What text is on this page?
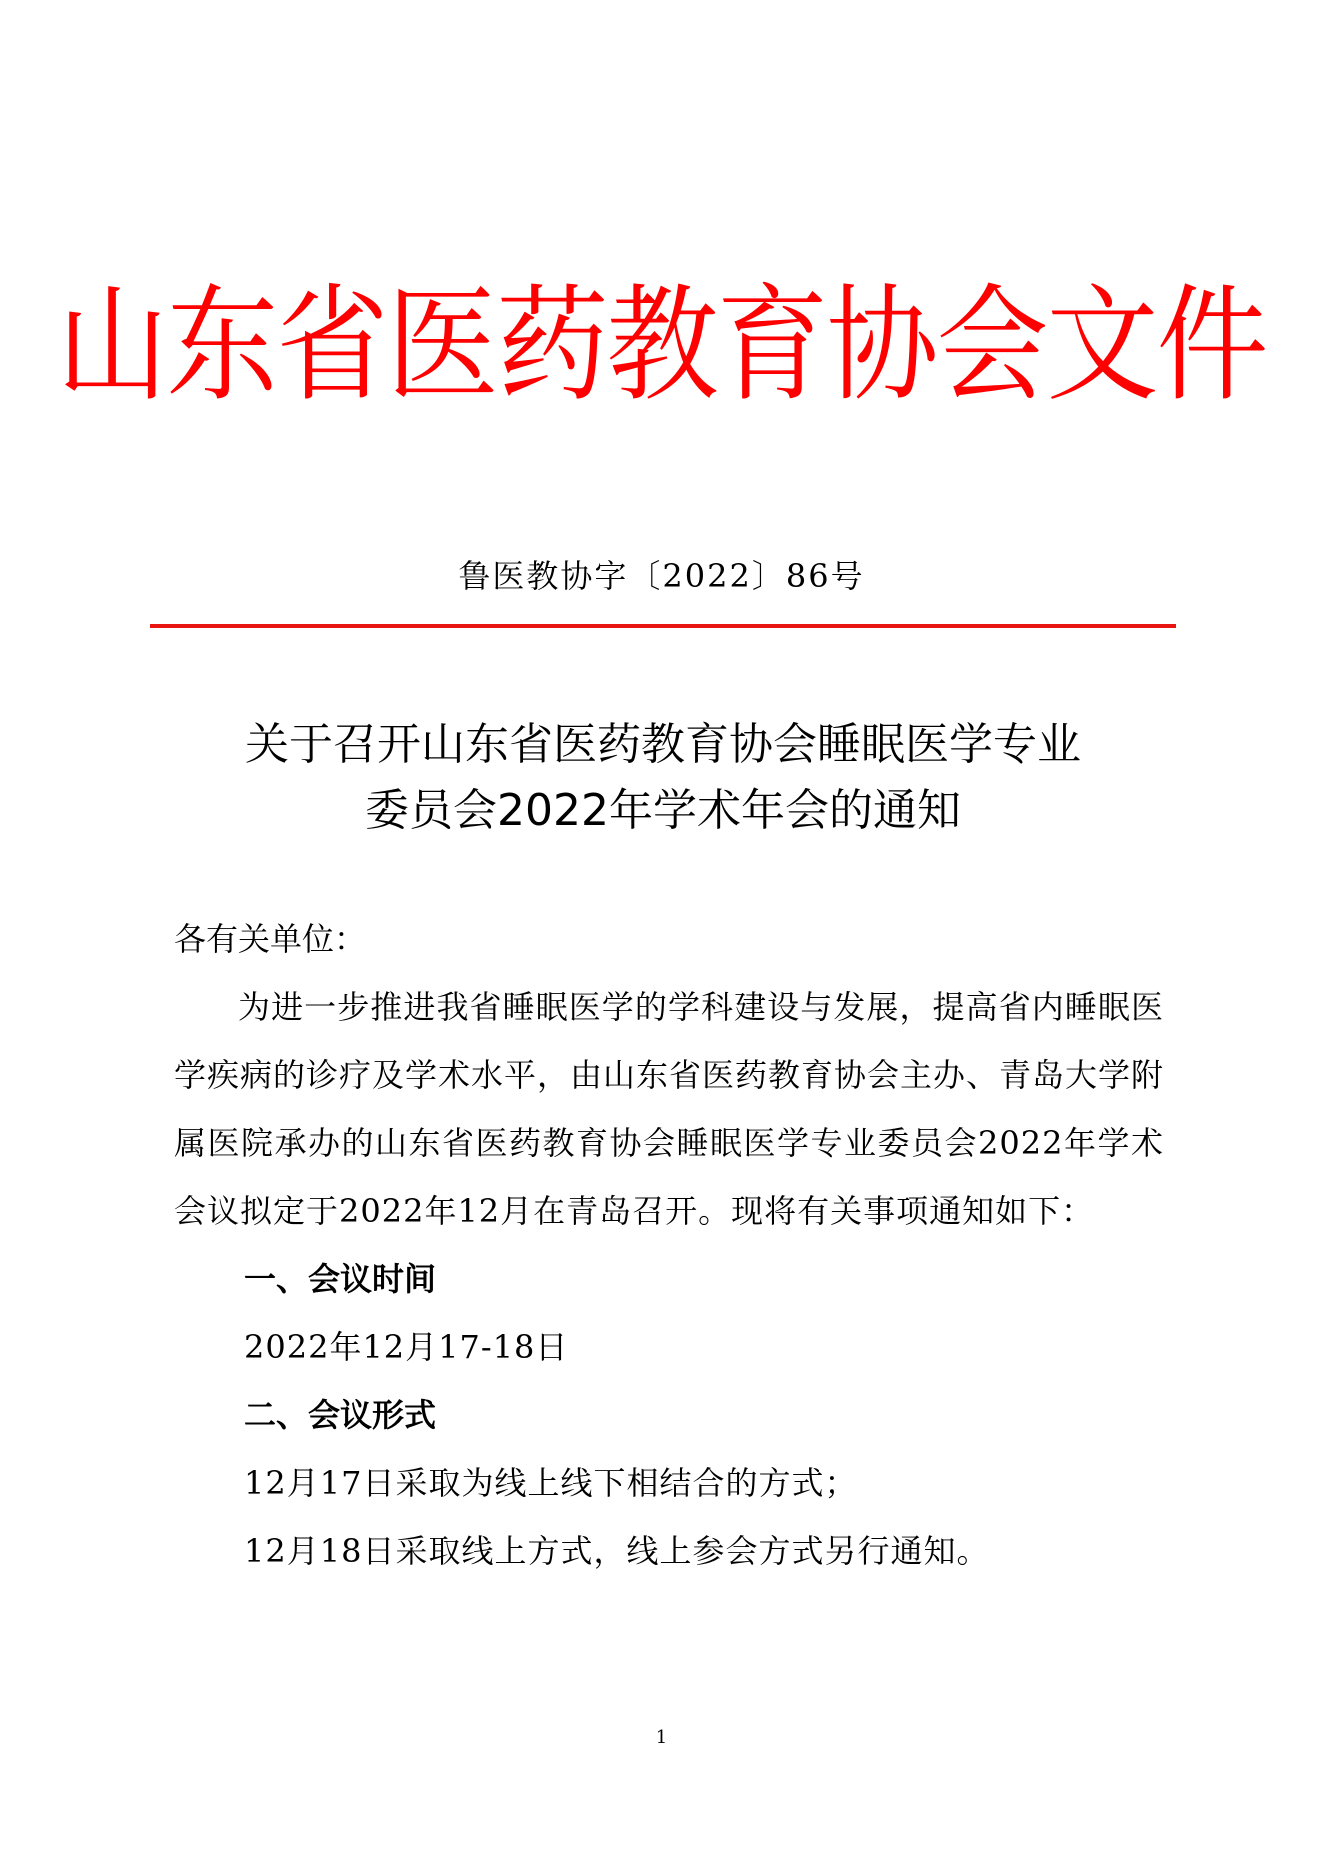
山东省医药教育协会文件
鲁医教协字〔2022〕86号
关于召开山东省医药教育协会睡眠医学专业
委员会2022年学术年会的通知

各有关单位：

为进一步推进我省睡眠医学的学科建设与发展，提高省内睡眠医学疾病的诊疗及学术水平，由山东省医药教育协会主办、青岛大学附属医院承办的山东省医药教育协会睡眠医学专业委员会2022年学术会议拟定于2022年12月在青岛召开。现将有关事项通知如下：

一、会议时间

2022年12月17-18日

二、会议形式

12月17日采取为线上线下相结合的方式；

12月18日采取线上方式，线上参会方式另行通知。

1
